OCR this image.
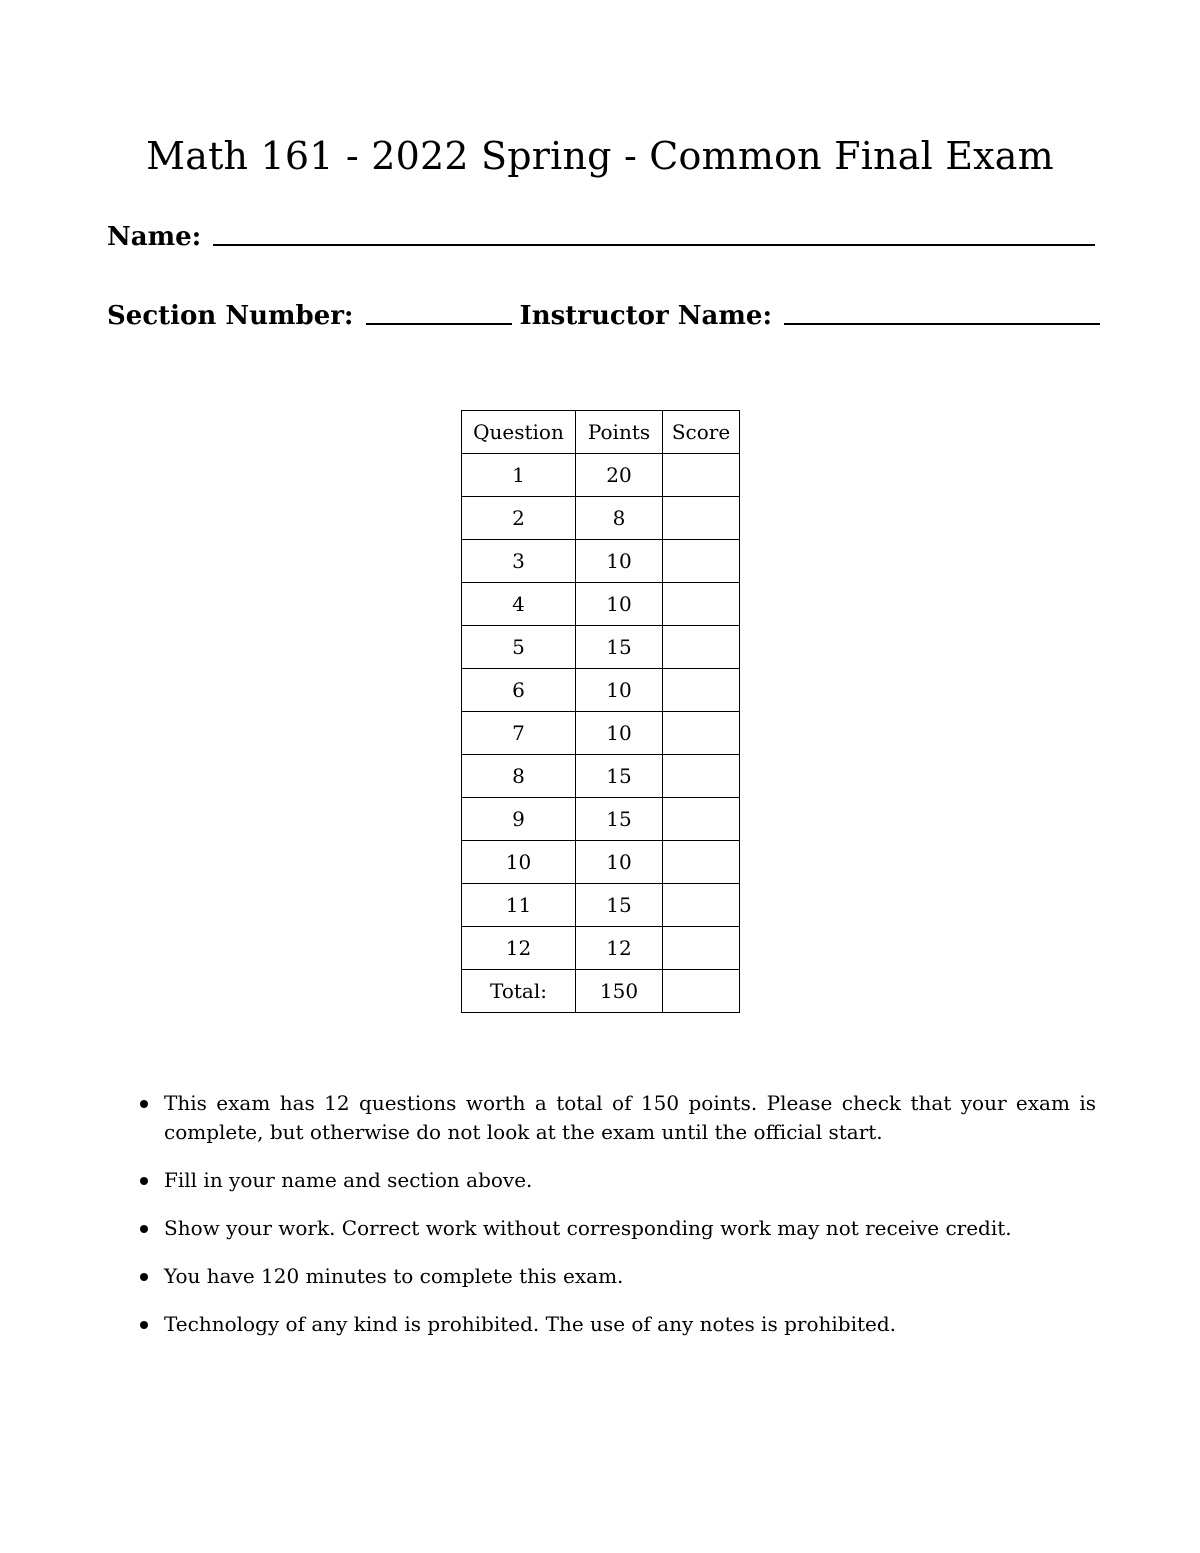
Math 161 - 2022 Spring - Common Final Exam
Name:
Section Number:	Instructor Name:
Question	Points	Score
1	20	
2	8	
3	10	
4	10	
5	15	
6	10	
7	10	
8	15	
9	15	
10	10	
11	15	
12	12	
Total:	150	
This exam has 12 questions worth a total of 150 points. Please check that your exam is complete, but otherwise do not look at the exam until the official start.
Fill in your name and section above.
Show your work. Correct work without corresponding work may not receive credit.
You have 120 minutes to complete this exam.
Technology of any kind is prohibited. The use of any notes is prohibited.
